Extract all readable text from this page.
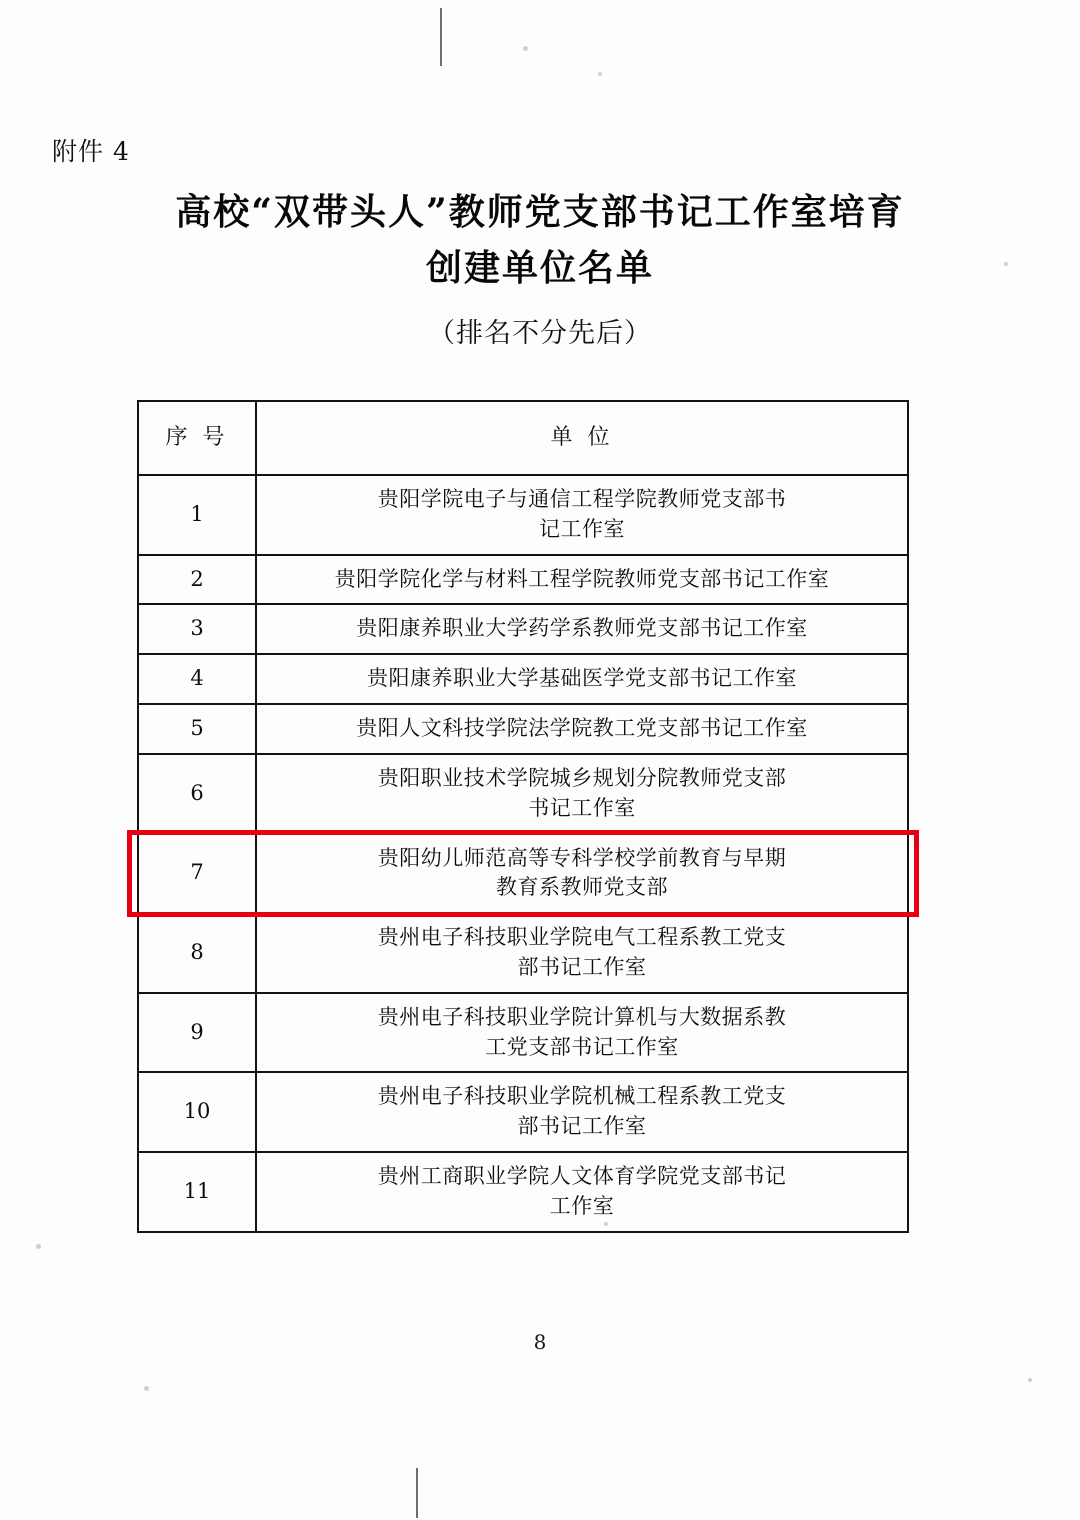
附件 4
高校“双带头人”教师党支部书记工作室培育
创建单位名单
（排名不分先后）
序 号	单 位
1	贵阳学院电子与通信工程学院教师党支部书
记工作室
2	贵阳学院化学与材料工程学院教师党支部书记工作室
3	贵阳康养职业大学药学系教师党支部书记工作室
4	贵阳康养职业大学基础医学党支部书记工作室
5	贵阳人文科技学院法学院教工党支部书记工作室
6	贵阳职业技术学院城乡规划分院教师党支部
书记工作室
7	贵阳幼儿师范高等专科学校学前教育与早期
教育系教师党支部
8	贵州电子科技职业学院电气工程系教工党支
部书记工作室
9	贵州电子科技职业学院计算机与大数据系教
工党支部书记工作室
10	贵州电子科技职业学院机械工程系教工党支
部书记工作室
11	贵州工商职业学院人文体育学院党支部书记
工作室
8
